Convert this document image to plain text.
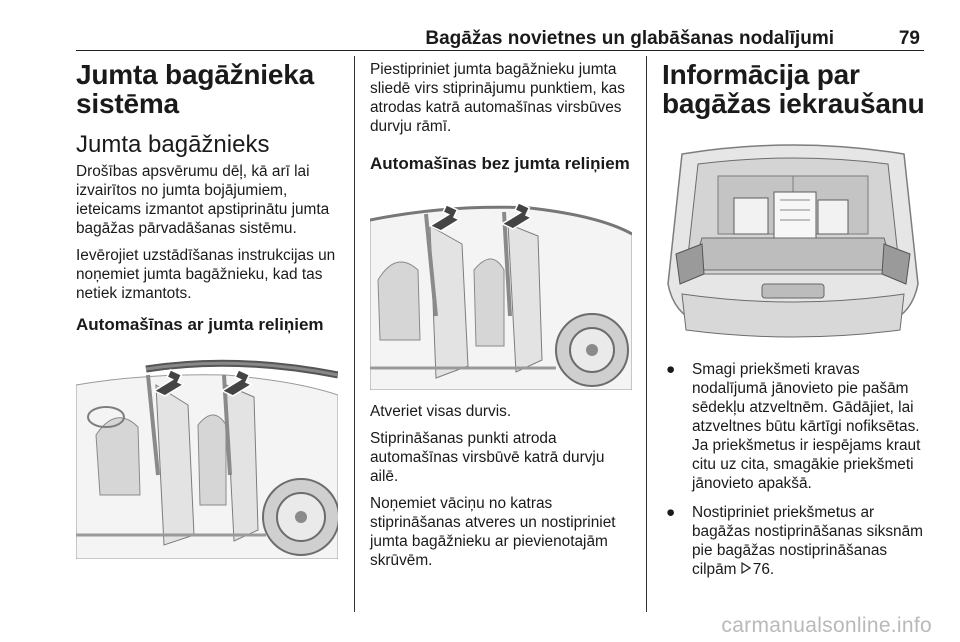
Bagāžas novietnes un glabāšanas nodalījumi	79
Jumta bagāžnieka sistēma
Jumta bagāžnieks

Drošības apsvērumu dēļ, kā arī lai izvairītos no jumta bojājumiem, ieteicams izmantot apstiprinātu jumta bagāžas pārvadāšanas sistēmu.

Ievērojiet uzstādīšanas instrukcijas un noņemiet jumta bagāžnieku, kad tas netiek izmantots.

Automašīnas ar jumta reliņiem

Piestipriniet jumta bagāžnieku jumta sliedē virs stiprinājumu punktiem, kas atrodas katrā automašīnas virsbūves durvju rāmī.

Automašīnas bez jumta reliņiem

Atveriet visas durvis.

Stiprināšanas punkti atroda automašīnas virsbūvē katrā durvju ailē.

Noņemiet vāciņu no katras stiprināšanas atveres un nostipriniet jumta bagāžnieku ar pievienotajām skrūvēm.

Informācija par bagāžas iekraušanu
● Smagi priekšmeti kravas nodalījumā jānovieto pie pašām sēdekļu atzveltnēm. Gādājiet, lai atzveltnes būtu kārtīgi nofiksētas. Ja priekšmetus ir iespējams kraut citu uz cita, smagākie priekšmeti jānovieto apakšā.
● Nostipriniet priekšmetus ar bagāžas nostiprināšanas siksnām pie bagāžas nostiprināšanas cilpām 76.
carmanualsonline.info
